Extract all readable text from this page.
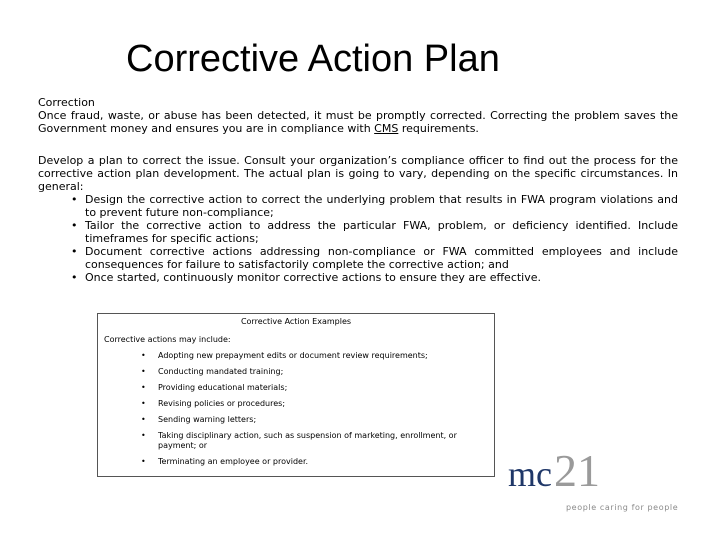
Corrective Action Plan

Correction

Once fraud, waste, or abuse has been detected, it must be promptly corrected. Correcting the problem saves the Government money and ensures you are in compliance with CMS requirements.

Develop a plan to correct the issue. Consult your organization’s compliance officer to find out the process for the corrective action plan development. The actual plan is going to vary, depending on the specific circumstances. In general:

• Design the corrective action to correct the underlying problem that results in FWA program violations and to prevent future non-compliance;
• Tailor the corrective action to address the particular FWA, problem, or deficiency identified. Include timeframes for specific actions;
• Document corrective actions addressing non-compliance or FWA committed employees and include consequences for failure to satisfactorily complete the corrective action; and
• Once started, continuously monitor corrective actions to ensure they are effective.
Corrective Action Examples
Corrective actions may include:
• Adopting new prepayment edits or document review requirements;
• Conducting mandated training;
• Providing educational materials;
• Revising policies or procedures;
• Sending warning letters;
• Taking disciplinary action, such as suspension of marketing, enrollment, or payment; or
• Terminating an employee or provider.	mc 21
people caring for people
